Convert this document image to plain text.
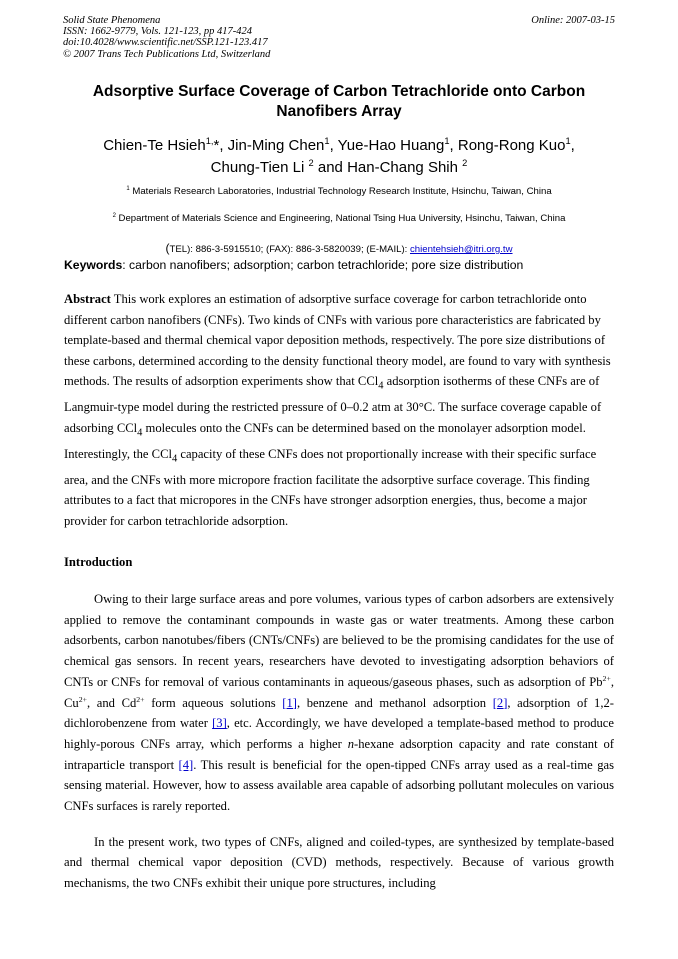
Solid State Phenomena
ISSN: 1662-9779, Vols. 121-123, pp 417-424
doi:10.4028/www.scientific.net/SSP.121-123.417
© 2007 Trans Tech Publications Ltd, Switzerland
Online: 2007-03-15
Adsorptive Surface Coverage of Carbon Tetrachloride onto Carbon
Nanofibers Array
Chien-Te Hsieh$^{1,}$*, Jin-Ming Chen$^1$, Yue-Hao Huang$^1$, Rong-Rong Kuo$^1$,
Chung-Tien Li $^2$ and Han-Chang Shih $^2$
$^1$ Materials Research Laboratories, Industrial Technology Research Institute, Hsinchu, Taiwan, China
$^2$ Department of Materials Science and Engineering, National Tsing Hua University, Hsinchu, Taiwan, China
(TEL): 886-3-5915510; (FAX): 886-3-5820039; (E-MAIL): chientehsieh@itri.org.tw
Keywords: carbon nanofibers; adsorption; carbon tetrachloride; pore size distribution

Abstract This work explores an estimation of adsorptive surface coverage for carbon tetrachloride onto different carbon nanofibers (CNFs). Two kinds of CNFs with various pore characteristics are fabricated by template-based and thermal chemical vapor deposition methods, respectively. The pore size distributions of these carbons, determined according to the density functional theory model, are found to vary with synthesis methods. The results of adsorption experiments show that CCl$_4$ adsorption isotherms of these CNFs are of Langmuir-type model during the restricted pressure of 0–0.2 atm at 30°C. The surface coverage capable of adsorbing CCl$_4$ molecules onto the CNFs can be determined based on the monolayer adsorption model. Interestingly, the CCl$_4$ capacity of these CNFs does not proportionally increase with their specific surface area, and the CNFs with more micropore fraction facilitate the adsorptive surface coverage. This finding attributes to a fact that micropores in the CNFs have stronger adsorption energies, thus, become a major provider for carbon tetrachloride adsorption.

Introduction

Owing to their large surface areas and pore volumes, various types of carbon adsorbers are extensively applied to remove the contaminant compounds in waste gas or water treatments. Among these carbon adsorbents, carbon nanotubes/fibers (CNTs/CNFs) are believed to be the promising candidates for the use of chemical gas sensors. In recent years, researchers have devoted to investigating adsorption behaviors of CNTs or CNFs for removal of various contaminants in aqueous/gaseous phases, such as adsorption of $Pb^{2+}$, $Cu^{2+}$, and $Cd^{2+}$ form aqueous solutions [1], benzene and methanol adsorption [2], adsorption of 1,2-dichlorobenzene from water [3], etc. Accordingly, we have developed a template-based method to produce highly-porous CNFs array, which performs a higher n-hexane adsorption capacity and rate constant of intraparticle transport [4]. This result is beneficial for the open-tipped CNFs array used as a real-time gas sensing material. However, how to assess available area capable of adsorbing pollutant molecules on various CNFs surfaces is rarely reported.

In the present work, two types of CNFs, aligned and coiled-types, are synthesized by template-based and thermal chemical vapor deposition (CVD) methods, respectively. Because of various growth mechanisms, the two CNFs exhibit their unique pore structures, including
